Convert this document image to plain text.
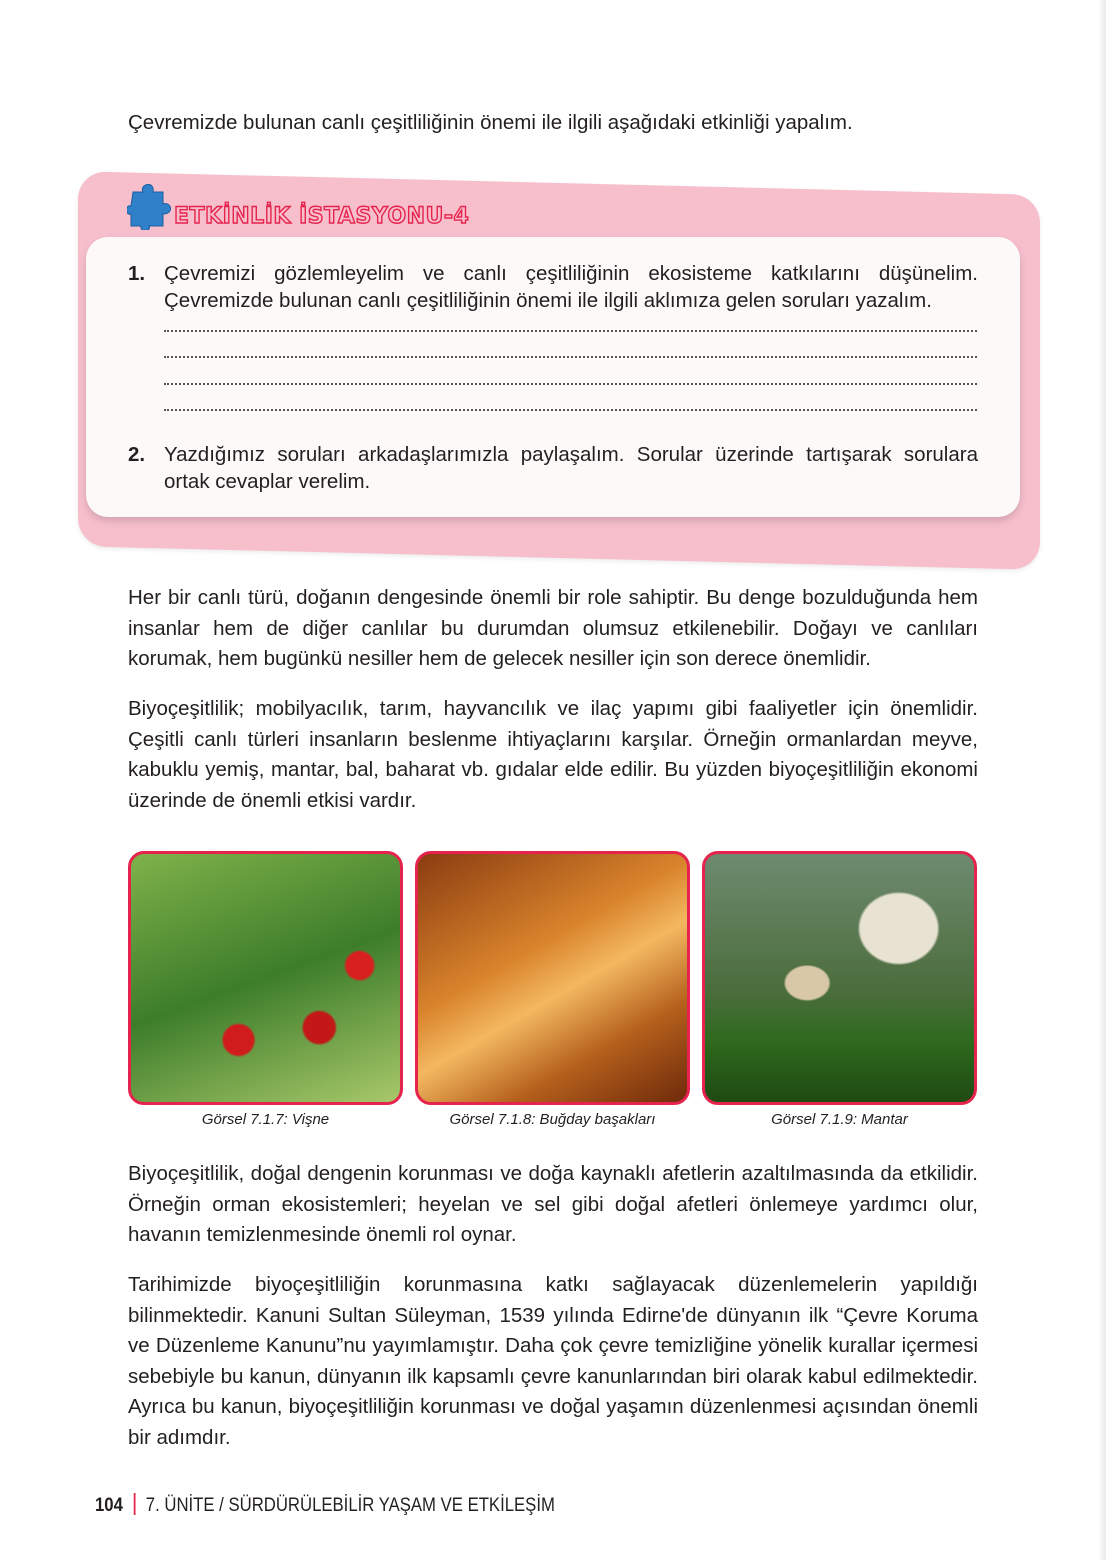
Çevremizde bulunan canlı çeşitliliğinin önemi ile ilgili aşağıdaki etkinliği yapalım.

ETKİNLİK İSTASYONU-4
1. Çevremizi gözlemleyelim ve canlı çeşitliliğinin ekosisteme katkılarını düşünelim. Çevremizde bulunan canlı çeşitliliğinin önemi ile ilgili aklımıza gelen soruları yazalım.
2. Yazdığımız soruları arkadaşlarımızla paylaşalım. Sorular üzerinde tartışarak sorulara ortak cevaplar verelim.

Her bir canlı türü, doğanın dengesinde önemli bir role sahiptir. Bu denge bozulduğunda hem insanlar hem de diğer canlılar bu durumdan olumsuz etkilenebilir. Doğayı ve canlıları korumak, hem bugünkü nesiller hem de gelecek nesiller için son derece önemlidir.

Biyoçeşitlilik; mobilyacılık, tarım, hayvancılık ve ilaç yapımı gibi faaliyetler için önemlidir. Çeşitli canlı türleri insanların beslenme ihtiyaçlarını karşılar. Örneğin ormanlardan meyve, kabuklu yemiş, mantar, bal, baharat vb. gıdalar elde edilir. Bu yüzden biyoçeşitliliğin ekonomi üzerinde de önemli etkisi vardır.

Görsel 7.1.7: Vişne	Görsel 7.1.8: Buğday başakları	Görsel 7.1.9: Mantar

Biyoçeşitlilik, doğal dengenin korunması ve doğa kaynaklı afetlerin azaltılmasında da etkilidir. Örneğin orman ekosistemleri; heyelan ve sel gibi doğal afetleri önlemeye yardımcı olur, havanın temizlenmesinde önemli rol oynar.

Tarihimizde biyoçeşitliliğin korunmasına katkı sağlayacak düzenlemelerin yapıldığı bilinmektedir. Kanuni Sultan Süleyman, 1539 yılında Edirne'de dünyanın ilk “Çevre Koruma ve Düzenleme Kanunu”nu yayımlamıştır. Daha çok çevre temizliğine yönelik kurallar içermesi sebebiyle bu kanun, dünyanın ilk kapsamlı çevre kanunlarından biri olarak kabul edilmektedir. Ayrıca bu kanun, biyoçeşitliliğin korunması ve doğal yaşamın düzenlenmesi açısından önemli bir adımdır.

104 7. ÜNİTE / SÜRDÜRÜLEBİLİR YAŞAM VE ETKİLEŞİM
